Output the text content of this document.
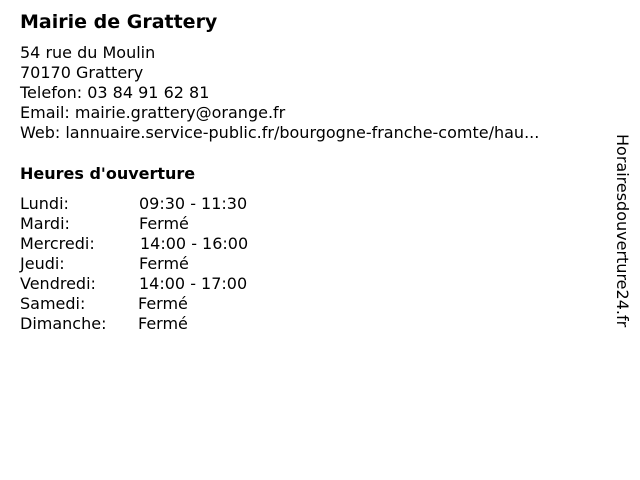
Mairie de Grattery
54 rue du Moulin
70170 Grattery
Telefon: 03 84 91 62 81
Email: mairie.grattery@orange.fr
Web: lannuaire.service-public.fr/bourgogne-franche-comte/hau...
Heures d'ouverture
Lundi:	09:30 - 11:30
Mardi:	Fermé
Mercredi:	14:00 - 16:00
Jeudi:	Fermé
Vendredi:	14:00 - 17:00
Samedi:	Fermé
Dimanche: Fermé	Horairesdouverture24.fr
